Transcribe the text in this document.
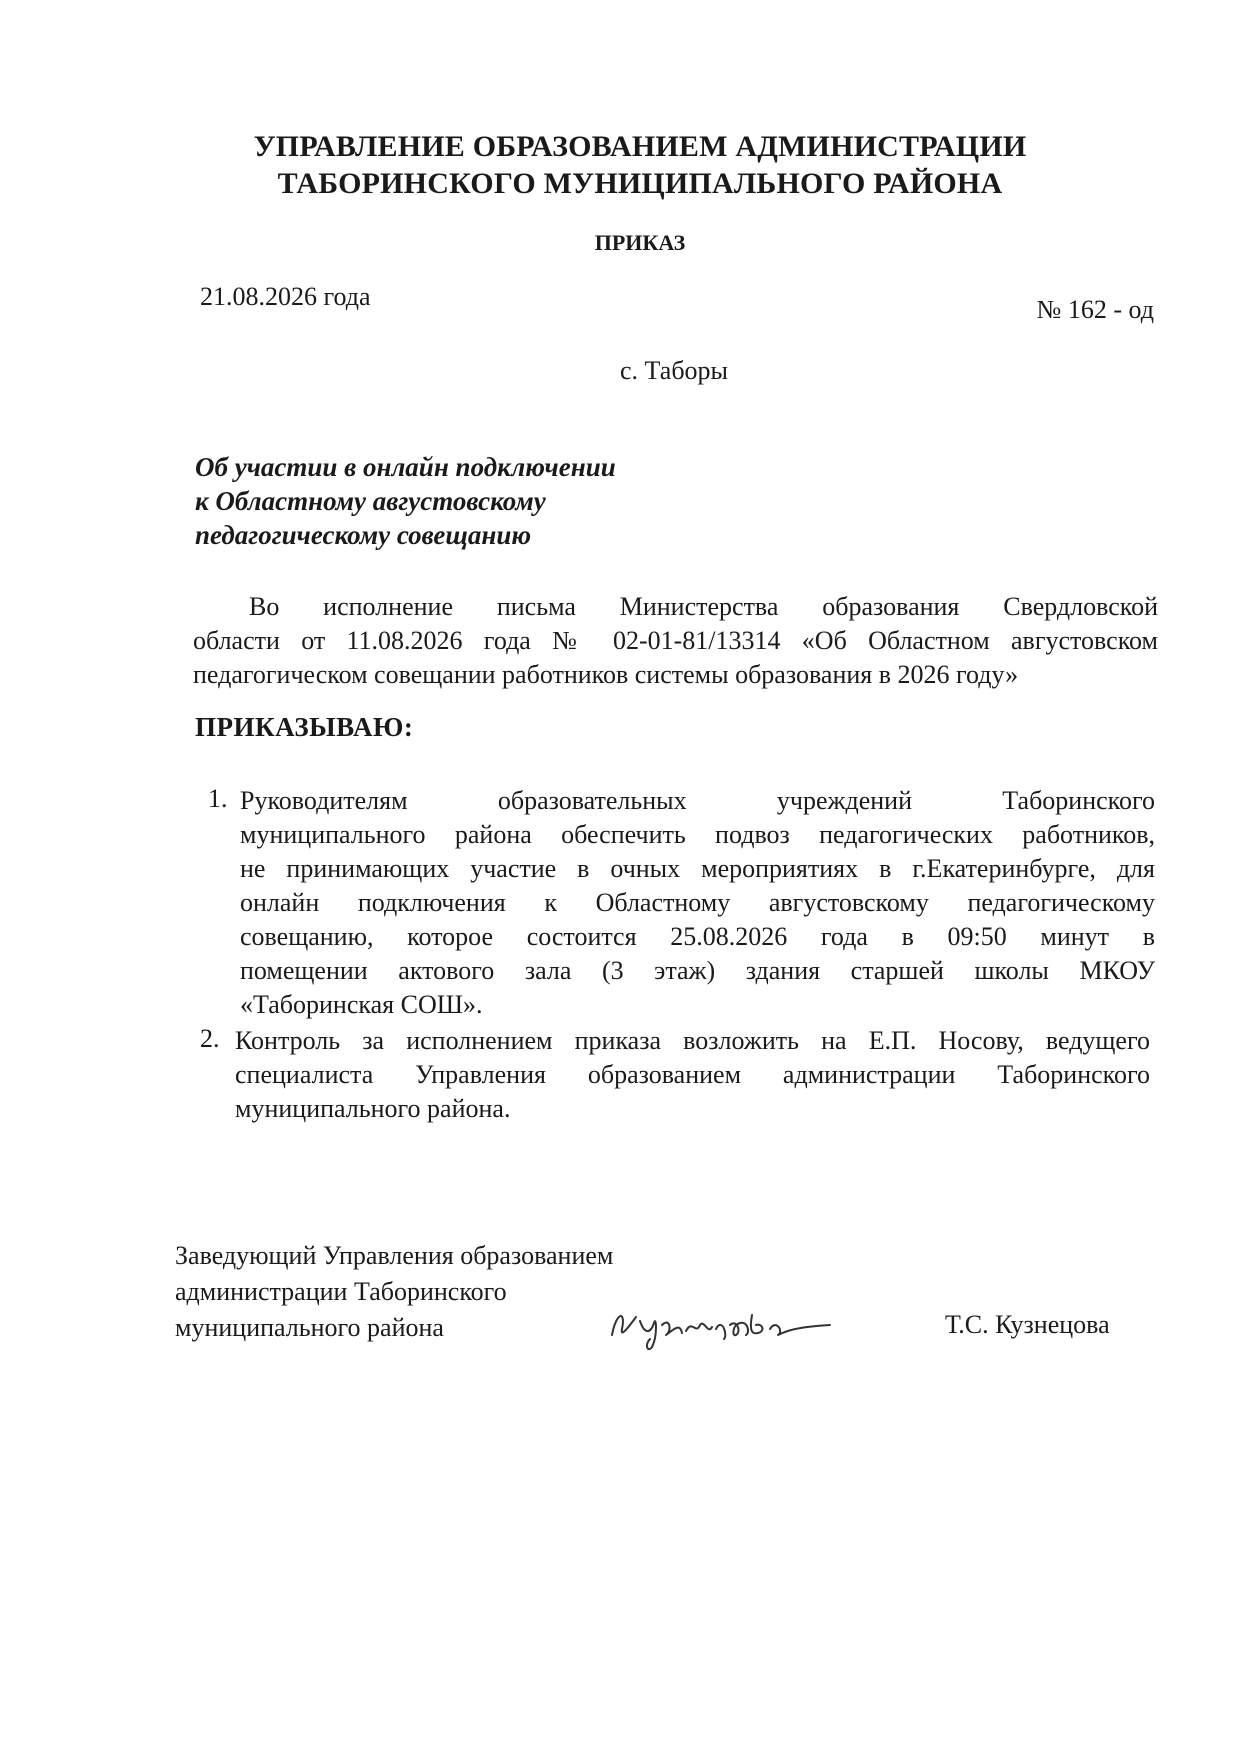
УПРАВЛЕНИЕ ОБРАЗОВАНИЕМ АДМИНИСТРАЦИИ
ТАБОРИНСКОГО МУНИЦИПАЛЬНОГО РАЙОНА
ПРИКАЗ
21.08.2026 года	№ 162 - од
с. Таборы
Об участии в онлайн подключении
к Областному августовскому
педагогическому совещанию
Во исполнение письма Министерства образования Свердловской
области от 11.08.2026 года № 02-01-81/13314 «Об Областном августовском
педагогическом совещании работников системы образования в 2026 году»
ПРИКАЗЫВАЮ:
1. Руководителям образовательных учреждений Таборинского
муниципального района обеспечить подвоз педагогических работников,
не принимающих участие в очных мероприятиях в г.Екатеринбурге, для
онлайн подключения к Областному августовскому педагогическому
совещанию, которое состоится 25.08.2026 года в 09:50 минут в
помещении актового зала (3 этаж) здания старшей школы МКОУ
«Таборинская СОШ».
2. Контроль за исполнением приказа возложить на Е.П. Носову, ведущего
специалиста Управления образованием администрации Таборинского
муниципального района.
Заведующий Управления образованием
администрации Таборинского
муниципального района	Т.С. Кузнецова
